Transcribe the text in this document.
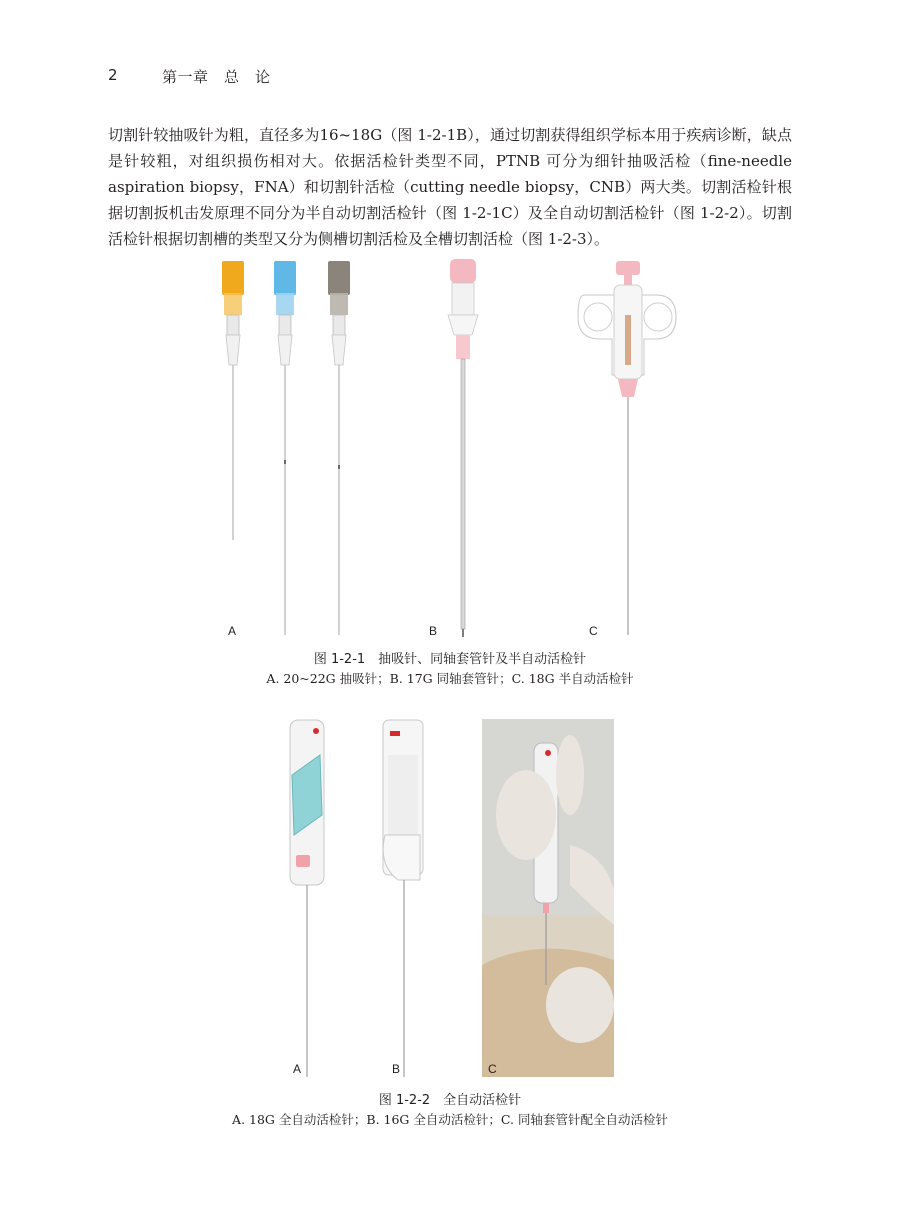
2	第一章　总　论

切割针较抽吸针为粗，直径多为16~18G（图 1-2-1B），通过切割获得组织学标本用于疾病诊断，缺点是针较粗，对组织损伤相对大。依据活检针类型不同，PTNB 可分为细针抽吸活检（fine-needle aspiration biopsy，FNA）和切割针活检（cutting needle biopsy，CNB）两大类。切割活检针根据切割扳机击发原理不同分为半自动切割活检针（图 1-2-1C）及全自动切割活检针（图 1-2-2）。切割活检针根据切割槽的类型又分为侧槽切割活检及全槽切割活检（图 1-2-3）。

A	B	C
图 1-2-1　抽吸针、同轴套管针及半自动活检针
A. 20~22G 抽吸针；B. 17G 同轴套管针；C. 18G 半自动活检针
A	B	C
图 1-2-2　全自动活检针
A. 18G 全自动活检针；B. 16G 全自动活检针；C. 同轴套管针配全自动活检针
